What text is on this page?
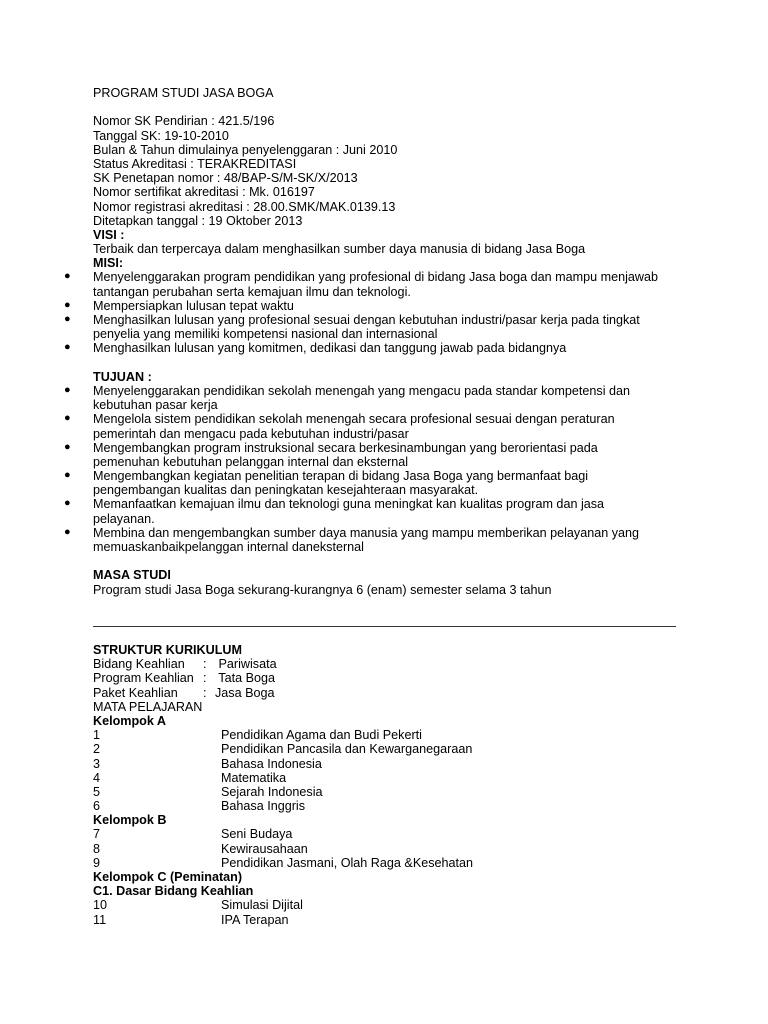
PROGRAM STUDI JASA BOGA
Nomor SK Pendirian : 421.5/196
Tanggal SK: 19-10-2010
Bulan & Tahun dimulainya penyelenggaran : Juni 2010
Status Akreditasi : TERAKREDITASI
SK Penetapan nomor : 48/BAP-S/M-SK/X/2013
Nomor sertifikat akreditasi : Mk. 016197
Nomor registrasi akreditasi : 28.00.SMK/MAK.0139.13
Ditetapkan tanggal : 19 Oktober 2013
VISI :
Terbaik dan terpercaya dalam menghasilkan sumber daya manusia di bidang Jasa Boga
MISI:
● Menyelenggarakan program pendidikan yang profesional di bidang Jasa boga dan mampu menjawab
tantangan perubahan serta kemajuan ilmu dan teknologi.
● Mempersiapkan lulusan tepat waktu
● Menghasilkan lulusan yang profesional sesuai dengan kebutuhan industri/pasar kerja pada tingkat
penyelia yang memiliki kompetensi nasional dan internasional
● Menghasilkan lulusan yang komitmen, dedikasi dan tanggung jawab pada bidangnya
TUJUAN :
● Menyelenggarakan pendidikan sekolah menengah yang mengacu pada standar kompetensi dan
kebutuhan pasar kerja
● Mengelola sistem pendidikan sekolah menengah secara profesional sesuai dengan peraturan
pemerintah dan mengacu pada kebutuhan industri/pasar
● Mengembangkan program instruksional secara berkesinambungan yang berorientasi pada
pemenuhan kebutuhan pelanggan internal dan eksternal
● Mengembangkan kegiatan penelitian terapan di bidang Jasa Boga yang bermanfaat bagi
pengembangan kualitas dan peningkatan kesejahteraan masyarakat.
● Memanfaatkan kemajuan ilmu dan teknologi guna meningkat kan kualitas program dan jasa
pelayanan.
● Membina dan mengembangkan sumber daya manusia yang mampu memberikan pelayanan yang
memuaskanbaikpelanggan internal daneksternal
MASA STUDI
Program studi Jasa Boga sekurang-kurangnya 6 (enam) semester selama 3 tahun
STRUKTUR KURIKULUM
Bidang Keahlian : Pariwisata
Program Keahlian : Tata Boga
Paket Keahlian : Jasa Boga
MATA PELAJARAN
Kelompok A
1	Pendidikan Agama dan Budi Pekerti
2	Pendidikan Pancasila dan Kewarganegaraan
3	Bahasa Indonesia
4	Matematika
5	Sejarah Indonesia
6	Bahasa Inggris
Kelompok B
7	Seni Budaya
8	Kewirausahaan
9	Pendidikan Jasmani, Olah Raga &Kesehatan
Kelompok C (Peminatan)
C1. Dasar Bidang Keahlian
10	Simulasi Dijital
11	IPA Terapan
